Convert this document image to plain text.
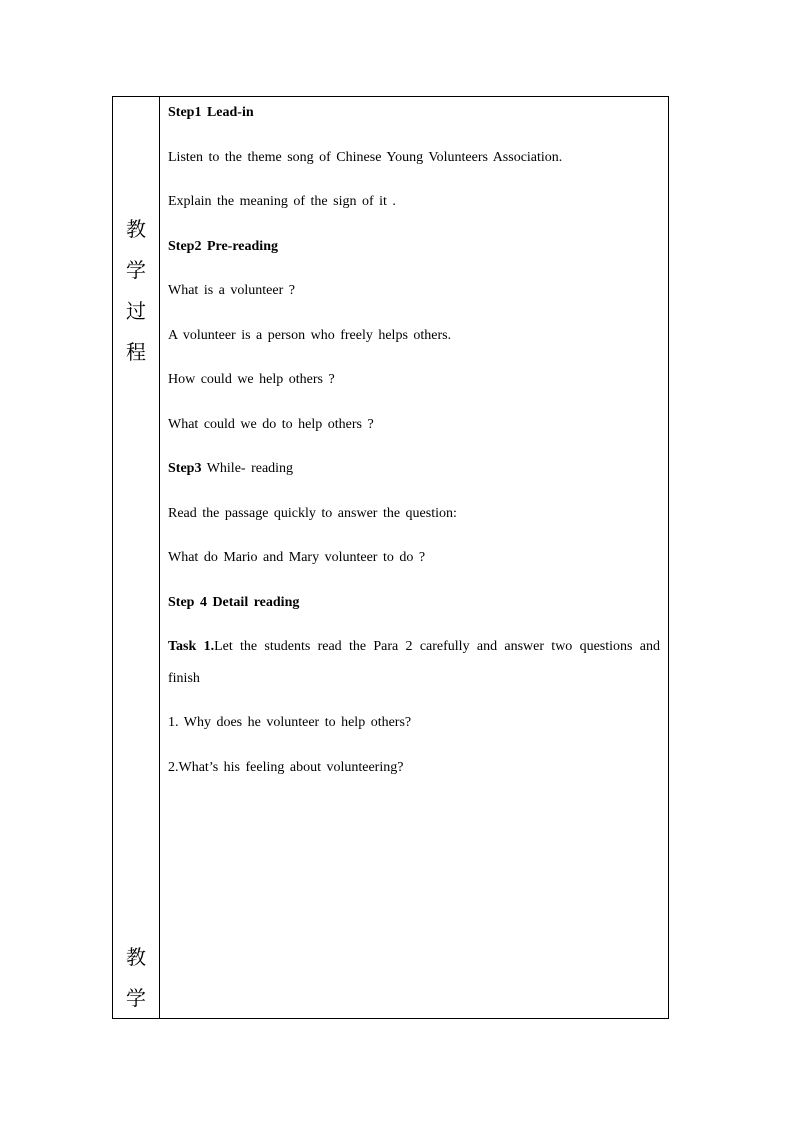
教
学
过
程
教
学
Step1 Lead-in
Listen to the theme song of Chinese Young Volunteers Association.
Explain the meaning of the sign of it .
Step2 Pre-reading
What is a volunteer ?
A volunteer is a person who freely helps others.
How could we help others ?
What could we do to help others ?
Step3 While- reading
Read the passage quickly to answer the question:
What do Mario and Mary volunteer to do ?
Step 4 Detail reading
Task 1.Let the students read the Para 2 carefully and answer two questions and finish
1. Why does he volunteer to help others?
2.What’s his feeling about volunteering?
